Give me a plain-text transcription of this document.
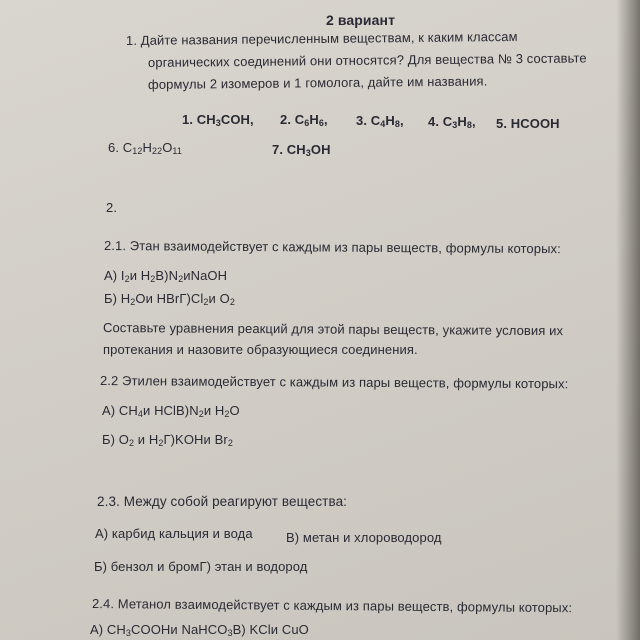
2 вариант
1. Дайте названия перечисленным веществам, к каким классам
органических соединений они относятся? Для вещества № 3 составьте
формулы 2 изомеров и 1 гомолога, дайте им названия.
1. $CH_3COH$, 2. $C_6H_6$, 3. $C_4H_8$, 4. $C_3H_8$, 5. HCOOH
6. $C_{12}H_{22}O_{11}$	7. $CH_3OH$
2.
2.1. Этан взаимодействует с каждым из пары веществ, формулы которых:
А) $I_2и$ $H_2В)N_2иNaOH$
Б) $H_2Oи$ $HBrГ)Cl_2и$ $O_2$
Составьте уравнения реакций для этой пары веществ, укажите условия их
протекания и назовите образующиеся соединения.
2.2 Этилен взаимодействует с каждым из пары веществ, формулы которых:
А) $CH_4и$ $HClВ)N_2и$ $H_2O$
Б) $O_2$ и $H_2Г)KOHи$ $Br_2$
2.3. Между собой реагируют вещества:
А) карбид кальция и вода	В) метан и хлороводород
Б) бензол и бромГ) этан и водород
2.4. Метанол взаимодействует с каждым из пары веществ, формулы которых:
А) $CH_3COOHи$ NaHCO$_3$В) KClи CuO
